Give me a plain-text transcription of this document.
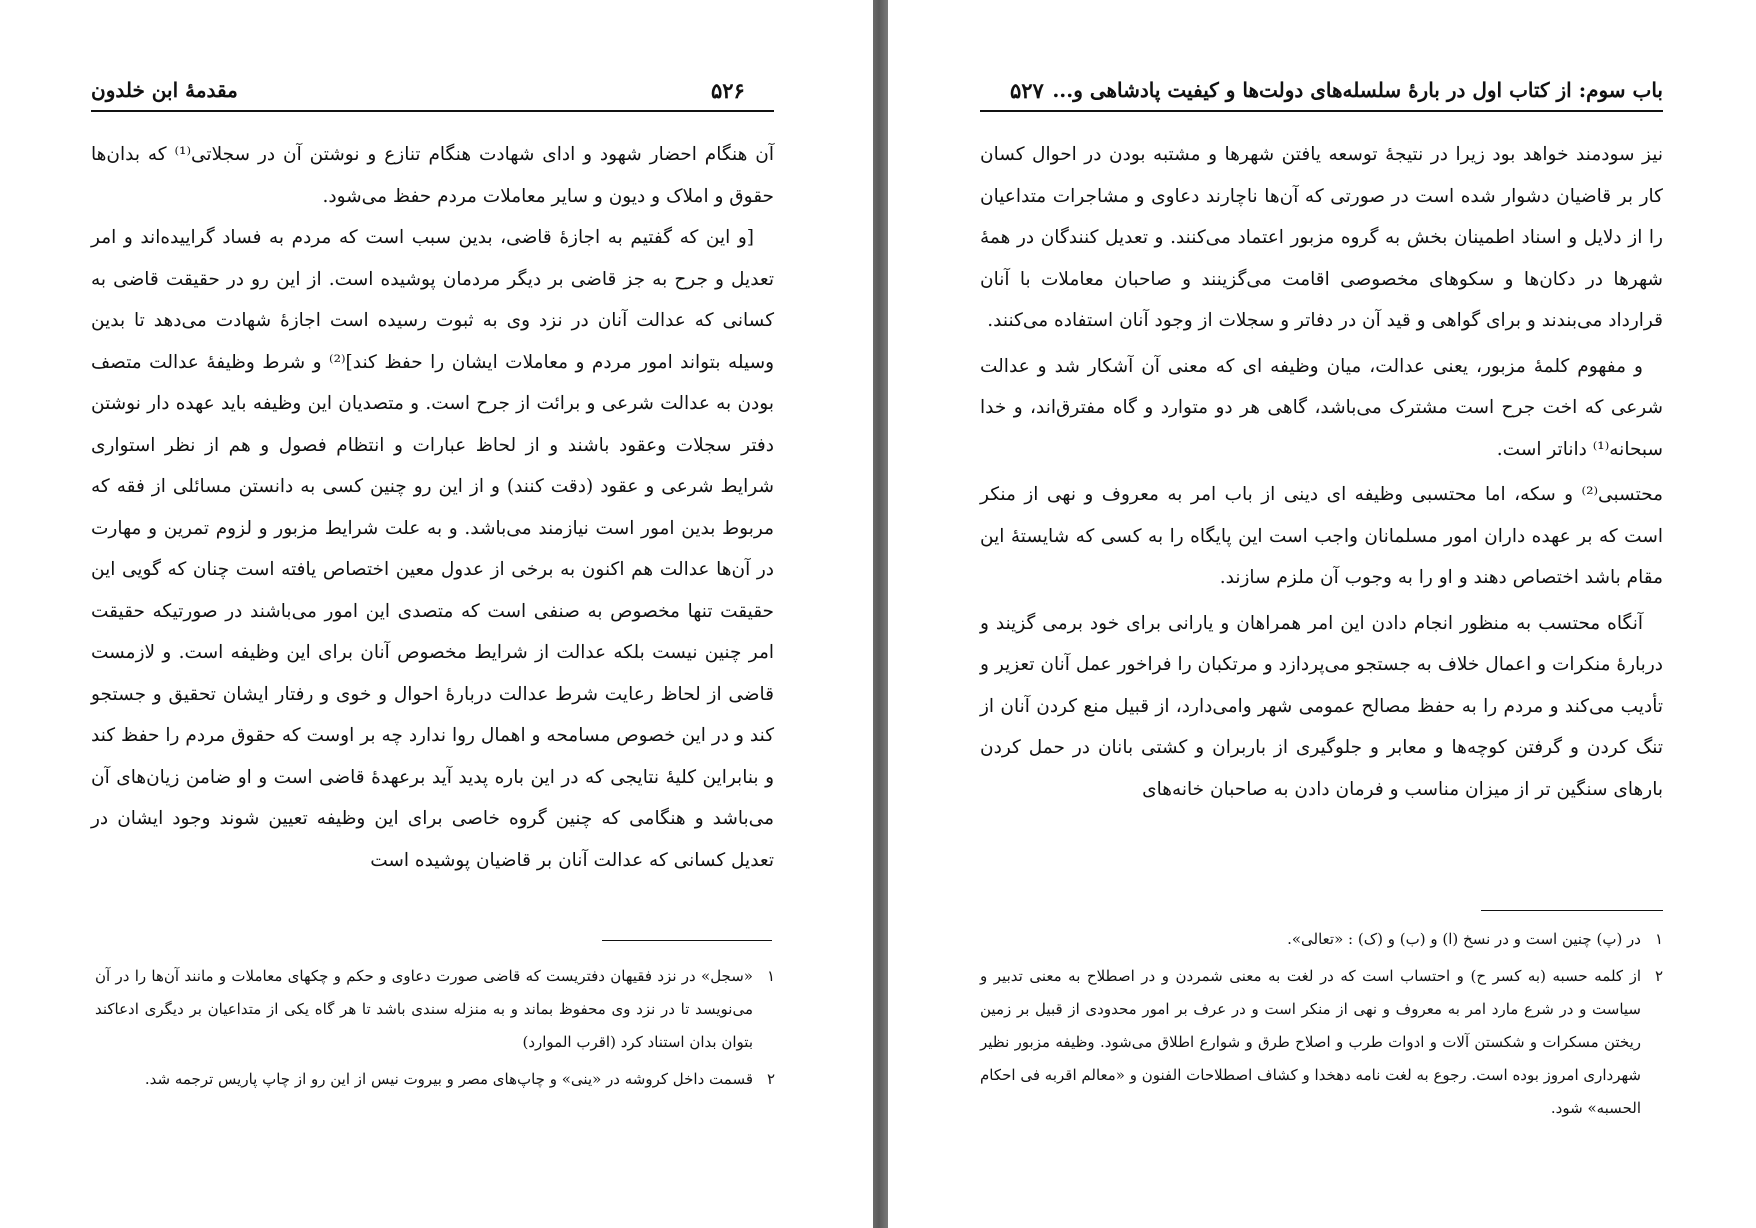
۵۲۶
مقدمهٔ ابن خلدون

آن هنگام احضار شهود و ادای شهادت هنگام تنازع و نوشتن آن در سجلاتی⁽¹⁾ که بدان‌ها حقوق و املاک و دیون و سایر معاملات مردم حفظ می‌شود.

[و این که گفتیم به اجازهٔ قاضی، بدین سبب است که مردم به فساد گراییده‌اند و امر تعدیل و جرح به جز قاضی بر دیگر مردمان پوشیده است. از این رو در حقیقت قاضی به کسانی که عدالت آنان در نزد وی به ثبوت رسیده است اجازهٔ شهادت می‌دهد تا بدین وسیله بتواند امور مردم و معاملات ایشان را حفظ کند]⁽²⁾ و شرط وظیفهٔ عدالت متصف بودن به عدالت شرعی و برائت از جرح است. و متصدیان این وظیفه باید عهده دار نوشتن دفتر سجلات وعقود باشند و از لحاظ عبارات و انتظام فصول و هم از نظر استواری شرایط شرعی و عقود (دقت کنند) و از این رو چنین کسی به دانستن مسائلی از فقه که مربوط بدین امور است نیازمند می‌باشد. و به علت شرایط مزبور و لزوم تمرین و مهارت در آن‌ها عدالت هم اکنون به برخی از عدول معین اختصاص یافته است چنان که گویی این حقیقت تنها مخصوص به صنفی است که متصدی این امور می‌باشند در صورتیکه حقیقت امر چنین نیست بلکه عدالت از شرایط مخصوص آنان برای این وظیفه است. و لازمست قاضی از لحاظ رعایت شرط عدالت دربارهٔ احوال و خوی و رفتار ایشان تحقیق و جستجو کند و در این خصوص مسامحه و اهمال روا ندارد چه بر اوست که حقوق مردم را حفظ کند و بنابراین کلیهٔ نتایجی که در این باره پدید آید برعهدهٔ قاضی است و او ضامن زیان‌های آن می‌باشد و هنگامی که چنین گروه خاصی برای این وظیفه تعیین شوند وجود ایشان در تعدیل کسانی که عدالت آنان بر قاضیان پوشیده است

۱
«سجل» در نزد فقیهان دفتریست که قاضی صورت دعاوی و حکم و چکهای معاملات و مانند آن‌ها را در آن می‌نویسد تا در نزد وی محفوظ بماند و به منزله سندی باشد تا هر گاه یکی از متداعیان بر دیگری ادعاکند بتوان بدان استناد کرد (اقرب الموارد)
۲
قسمت داخل کروشه در «ینی» و چاپ‌های مصر و بیروت نیس از این رو از چاپ پاریس ترجمه شد.
۵۲۷ باب سوم: از کتاب اول در بارهٔ سلسله‌های دولت‌ها و کیفیت پادشاهی و...

نیز سودمند خواهد بود زیرا در نتیجهٔ توسعه یافتن شهرها و مشتبه بودن در احوال کسان کار بر قاضیان دشوار شده است در صورتی که آن‌ها ناچارند دعاوی و مشاجرات متداعیان را از دلایل و اسناد اطمینان بخش به گروه مزبور اعتماد می‌کنند. و تعدیل کنندگان در همهٔ شهرها در دکان‌ها و سکوهای مخصوصی اقامت می‌گزینند و صاحبان معاملات با آنان قرارداد می‌بندند و برای گواهی و قید آن در دفاتر و سجلات از وجود آنان استفاده می‌کنند.

و مفهوم کلمهٔ مزبور، یعنی عدالت، میان وظیفه ای که معنی آن آشکار شد و عدالت شرعی که اخت جرح است مشترک می‌باشد، گاهی هر دو متوارد و گاه مفترق‌اند، و خدا سبحانه⁽¹⁾ داناتر است.

محتسبی⁽²⁾ و سکه، اما محتسبی وظیفه ای دینی از باب امر به معروف و نهی از منکر است که بر عهده داران امور مسلمانان واجب است این پایگاه را به کسی که شایستهٔ این مقام باشد اختصاص دهند و او را به وجوب آن ملزم سازند.

آنگاه محتسب به منظور انجام دادن این امر همراهان و یارانی برای خود برمی گزیند و دربارهٔ منکرات و اعمال خلاف به جستجو می‌پردازد و مرتکبان را فراخور عمل آنان تعزیر و تأدیب می‌کند و مردم را به حفظ مصالح عمومی شهر وامی‌دارد، از قبیل منع کردن آنان از تنگ کردن و گرفتن کوچه‌ها و معابر و جلوگیری از باربران و کشتی بانان در حمل کردن بارهای سنگین تر از میزان مناسب و فرمان دادن به صاحبان خانه‌های

۱
در (پ) چنین است و در نسخ (ا) و (ب) و (ک) : «تعالی».
۲
از کلمه حسبه (به کسر ح) و احتساب است که در لغت به معنی شمردن و در اصطلاح به معنی تدبیر و سیاست و در شرع مارد امر به معروف و نهی از منکر است و در عرف بر امور محدودی از قبیل بر زمین ریختن مسکرات و شکستن آلات و ادوات طرب و اصلاح طرق و شوارع اطلاق می‌شود. وظیفه مزبور نظیر شهرداری امروز بوده است. رجوع به لغت نامه دهخدا و کشاف اصطلاحات الفنون و «معالم اقربه فی احکام الحسبه» شود.
